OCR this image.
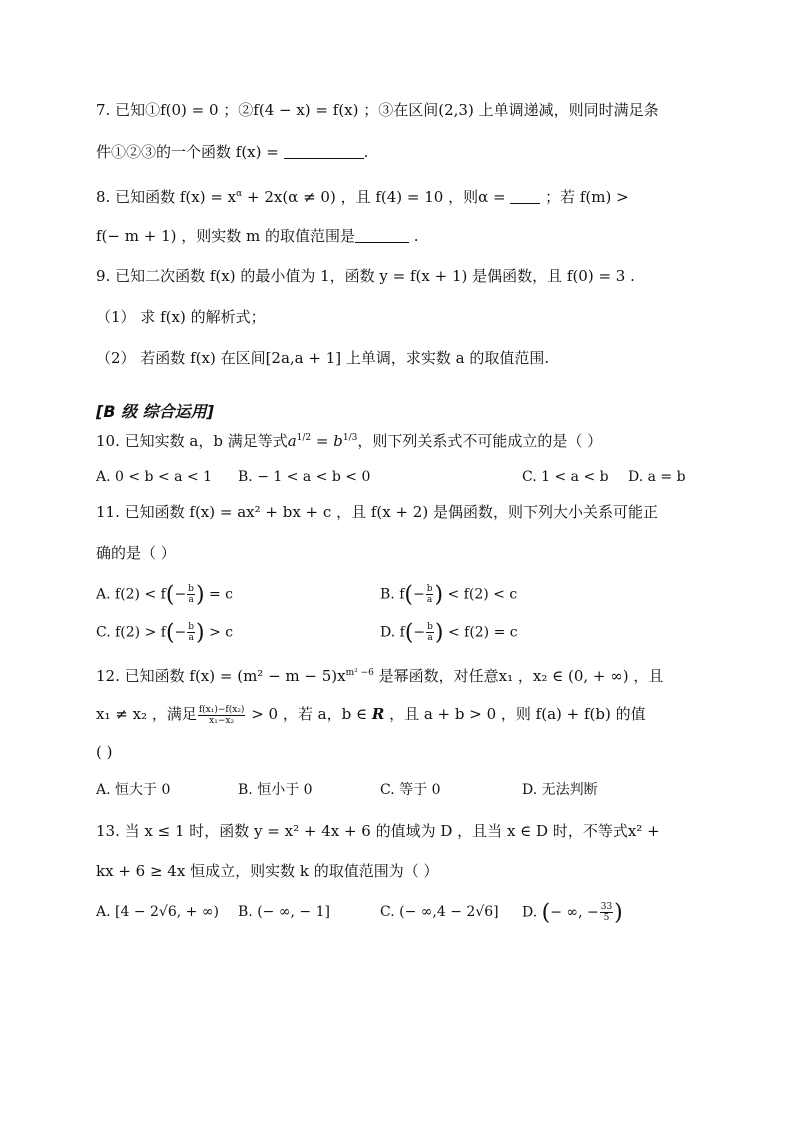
7. 已知①f(0) = 0 ；②f(4 − x) = f(x) ；③在区间(2,3) 上单调递减，则同时满足条
件①②③的一个函数 f(x) =	.
8. 已知函数 $f(x) = x^\alpha + 2x(\alpha \ne 0)$ ，且 f(4) = 10 ，则α =  ；若 f(m) >
f(− m + 1) ，则实数 m 的取值范围是	.
9. 已知二次函数 f(x) 的最小值为 1，函数 y = f(x + 1) 是偶函数，且 f(0) = 3 .
（1） 求 f(x) 的解析式；
（2） 若函数 f(x) 在区间[2a,a + 1] 上单调，求实数 a 的取值范围.
[B 级 综合运用]
10. 已知实数 a，b 满足等式$a^{1/2} = b^{1/3}$，则下列关系式不可能成立的是（ ）
A. 0 < b < a < 1 B. − 1 < a < b < 0	C. 1 < a < b D. a = b
11. 已知函数 f(x) = ax² + bx + c ，且 f(x + 2) 是偶函数，则下列大小关系可能正
确的是（ ）
A. $f(2) < f(- \frac{b}{a}$ ) = c	B. $f(- \frac{b}{a}$ ) < f(2) < c
C. $f(2) > f(- \frac{b}{a}$ ) > c	D. $f(- \frac{b}{a}$ ) < f(2) = c
12. 已知函数 $f(x) = (m^2 - m - 5)x^{m^2 -6}$ 是幂函数，对任意x₁ ，x₂ ∈ (0, + ∞) ，且
x₁ ≠ x₂ ，满足 $\frac{\text{f(x₁)−f(x₂)}}{\text{x₁−x₂}} > 0$ ，若 a，b ∈ R ，且 a + b > 0 ，则 f(a) + f(b) 的值
( )
A. 恒大于 0	B. 恒小于 0	C. 等于 0	D. 无法判断
13. 当 x ≤ 1 时，函数 y = x² + 4x + 6 的值域为 D ，且当 x ∈ D 时，不等式x² +
kx + 6 ≥ 4x 恒成立，则实数 k 的取值范围为（ ）
A. [4 − 2√6, + ∞) B. (− ∞, − 1]	C. (− ∞,4 − 2√6] D. (− ∞, − $\frac{33}{5}$ )
